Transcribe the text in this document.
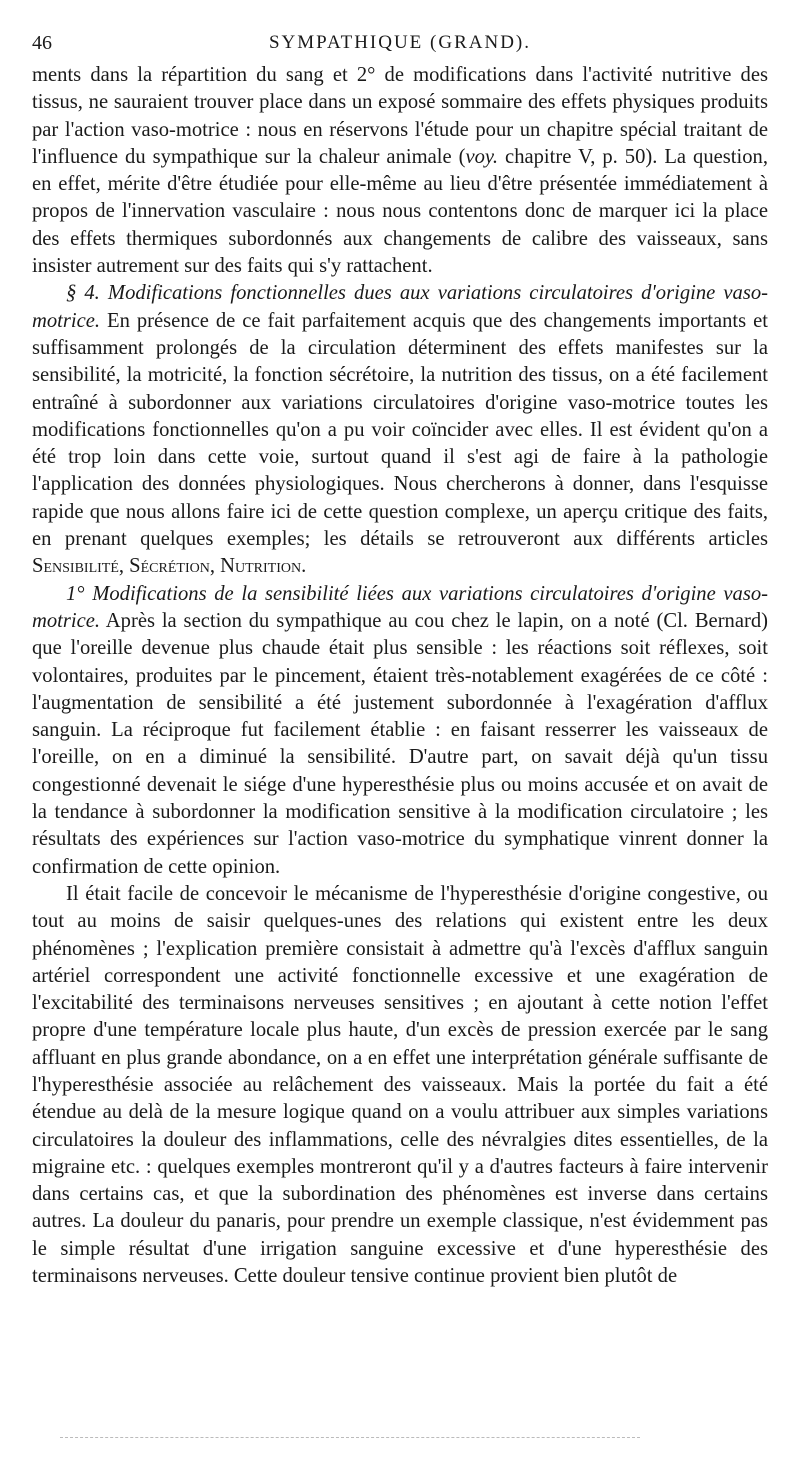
46	SYMPATHIQUE (GRAND).

ments dans la répartition du sang et 2° de modifications dans l'activité nutritive des tissus, ne sauraient trouver place dans un exposé sommaire des effets physiques produits par l'action vaso-motrice : nous en réservons l'étude pour un chapitre spécial traitant de l'influence du sympathique sur la chaleur animale (voy. chapitre V, p. 50). La question, en effet, mérite d'être étudiée pour elle-même au lieu d'être présentée immédiatement à propos de l'innervation vasculaire : nous nous contentons donc de marquer ici la place des effets thermiques subordonnés aux changements de calibre des vaisseaux, sans insister autrement sur des faits qui s'y rattachent.

§ 4. Modifications fonctionnelles dues aux variations circulatoires d'origine vaso-motrice. En présence de ce fait parfaitement acquis que des changements importants et suffisamment prolongés de la circulation déterminent des effets manifestes sur la sensibilité, la motricité, la fonction sécrétoire, la nutrition des tissus, on a été facilement entraîné à subordonner aux variations circulatoires d'origine vaso-motrice toutes les modifications fonctionnelles qu'on a pu voir coïncider avec elles. Il est évident qu'on a été trop loin dans cette voie, surtout quand il s'est agi de faire à la pathologie l'application des données physiologiques. Nous chercherons à donner, dans l'esquisse rapide que nous allons faire ici de cette question complexe, un aperçu critique des faits, en prenant quelques exemples; les détails se retrouveront aux différents articles Sensibilité, Sécrétion, Nutrition.

1° Modifications de la sensibilité liées aux variations circulatoires d'origine vaso-motrice. Après la section du sympathique au cou chez le lapin, on a noté (Cl. Bernard) que l'oreille devenue plus chaude était plus sensible : les réactions soit réflexes, soit volontaires, produites par le pincement, étaient très-notablement exagérées de ce côté : l'augmentation de sensibilité a été justement subordonnée à l'exagération d'afflux sanguin. La réciproque fut facilement établie : en faisant resserrer les vaisseaux de l'oreille, on en a diminué la sensibilité. D'autre part, on savait déjà qu'un tissu congestionné devenait le siége d'une hyperesthésie plus ou moins accusée et on avait de la tendance à subordonner la modification sensitive à la modification circulatoire ; les résultats des expériences sur l'action vaso-motrice du symphatique vinrent donner la confirmation de cette opinion.

Il était facile de concevoir le mécanisme de l'hyperesthésie d'origine congestive, ou tout au moins de saisir quelques-unes des relations qui existent entre les deux phénomènes ; l'explication première consistait à admettre qu'à l'excès d'afflux sanguin artériel correspondent une activité fonctionnelle excessive et une exagération de l'excitabilité des terminaisons nerveuses sensitives ; en ajoutant à cette notion l'effet propre d'une température locale plus haute, d'un excès de pression exercée par le sang affluant en plus grande abondance, on a en effet une interprétation générale suffisante de l'hyperesthésie associée au relâchement des vaisseaux. Mais la portée du fait a été étendue au delà de la mesure logique quand on a voulu attribuer aux simples variations circulatoires la douleur des inflammations, celle des névralgies dites essentielles, de la migraine etc. : quelques exemples montreront qu'il y a d'autres facteurs à faire intervenir dans certains cas, et que la subordination des phénomènes est inverse dans certains autres. La douleur du panaris, pour prendre un exemple classique, n'est évidemment pas le simple résultat d'une irrigation sanguine excessive et d'une hyperesthésie des terminaisons nerveuses. Cette douleur tensive continue provient bien plutôt de
